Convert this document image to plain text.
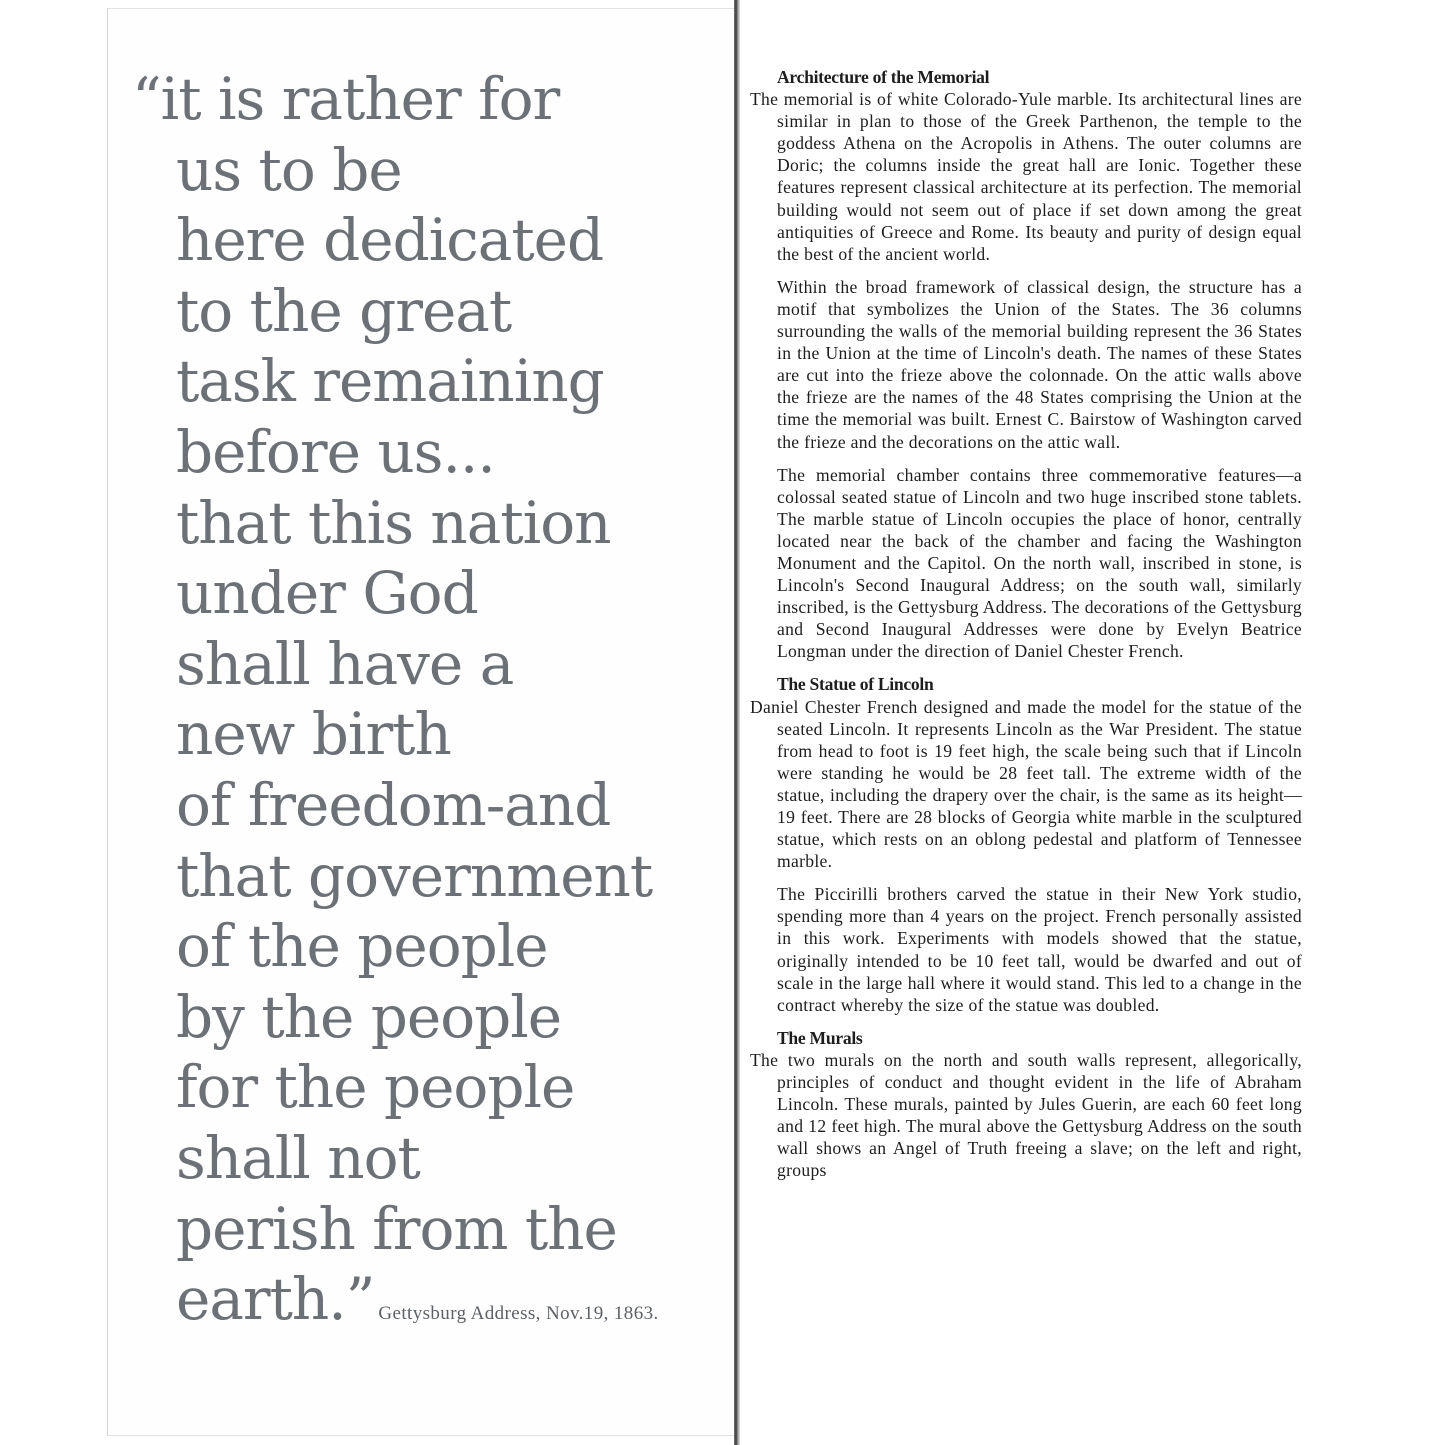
“it is rather for
us to be
here dedicated
to the great
task remaining
before us...
that this nation
under God
shall have a
new birth
of freedom-and
that government
of the people
by the people
for the people
shall not
perish from the
earth.” Gettysburg Address, Nov.19, 1863.

Architecture of the Memorial

The memorial is of white Colorado-Yule marble. Its architectural lines are similar in plan to those of the Greek Parthenon, the temple to the goddess Athena on the Acropolis in Athens. The outer columns are Doric; the columns inside the great hall are Ionic. Together these features represent classical architecture at its perfection. The memorial building would not seem out of place if set down among the great antiquities of Greece and Rome. Its beauty and purity of design equal the best of the ancient world.

Within the broad framework of classical design, the structure has a motif that symbolizes the Union of the States. The 36 columns surrounding the walls of the memorial building represent the 36 States in the Union at the time of Lincoln's death. The names of these States are cut into the frieze above the colonnade. On the attic walls above the frieze are the names of the 48 States comprising the Union at the time the memorial was built. Ernest C. Bairstow of Washington carved the frieze and the decorations on the attic wall.

The memorial chamber contains three commemorative features—a colossal seated statue of Lincoln and two huge inscribed stone tablets. The marble statue of Lincoln occupies the place of honor, centrally located near the back of the chamber and facing the Washington Monument and the Capitol. On the north wall, inscribed in stone, is Lincoln's Second Inaugural Address; on the south wall, similarly inscribed, is the Gettysburg Address. The decorations of the Gettysburg and Second Inaugural Addresses were done by Evelyn Beatrice Longman under the direction of Daniel Chester French.

The Statue of Lincoln

Daniel Chester French designed and made the model for the statue of the seated Lincoln. It represents Lincoln as the War President. The statue from head to foot is 19 feet high, the scale being such that if Lincoln were standing he would be 28 feet tall. The extreme width of the statue, including the drapery over the chair, is the same as its height—19 feet. There are 28 blocks of Georgia white marble in the sculptured statue, which rests on an oblong pedestal and platform of Tennessee marble.

The Piccirilli brothers carved the statue in their New York studio, spending more than 4 years on the project. French personally assisted in this work. Experiments with models showed that the statue, originally intended to be 10 feet tall, would be dwarfed and out of scale in the large hall where it would stand. This led to a change in the contract whereby the size of the statue was doubled.

The Murals

The two murals on the north and south walls represent, allegorically, principles of conduct and thought evident in the life of Abraham Lincoln. These murals, painted by Jules Guerin, are each 60 feet long and 12 feet high. The mural above the Gettysburg Address on the south wall shows an Angel of Truth freeing a slave; on the left and right, groups
